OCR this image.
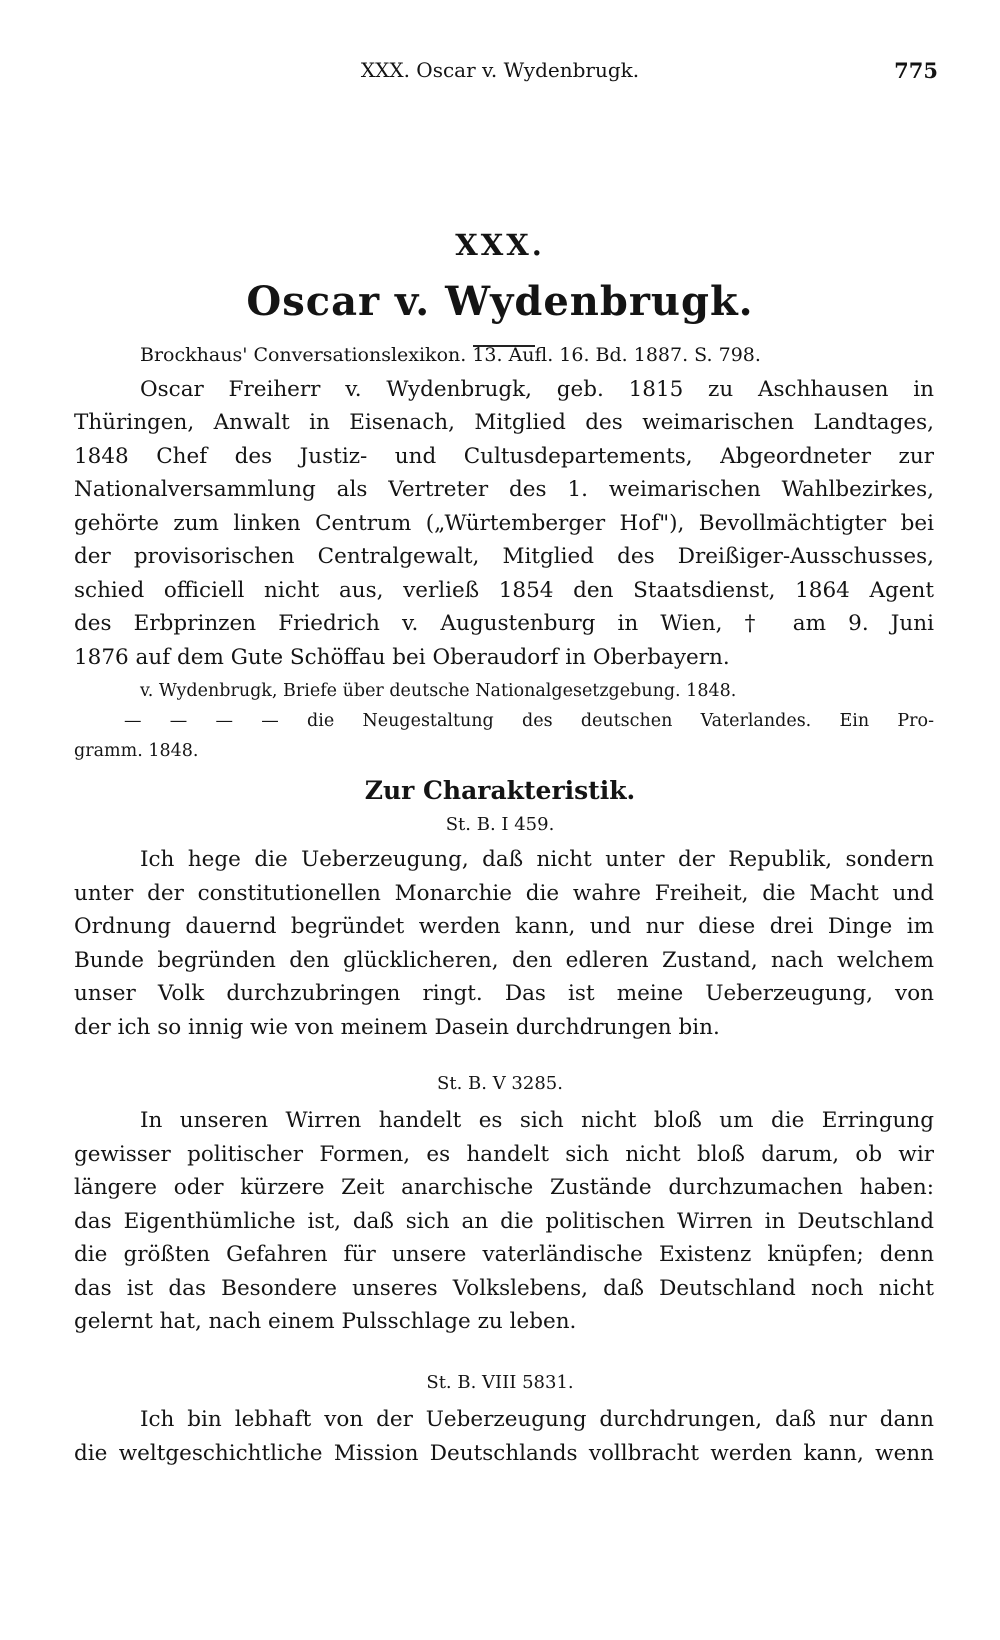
XXX. Oscar v. Wydenbrugk.	775
XXX.
Oscar v. Wydenbrugk.
Brockhaus' Conversationslexikon. 13. Aufl. 16. Bd. 1887. S. 798.
Oscar Freiherr v. Wydenbrugk, geb. 1815 zu Aschhausen in
Thüringen, Anwalt in Eisenach, Mitglied des weimarischen Landtages,
1848 Chef des Justiz- und Cultusdepartements, Abgeordneter zur
Nationalversammlung als Vertreter des 1. weimarischen Wahlbezirkes,
gehörte zum linken Centrum („Würtemberger Hof"), Bevollmächtigter bei
der provisorischen Centralgewalt, Mitglied des Dreißiger-Ausschusses,
schied officiell nicht aus, verließ 1854 den Staatsdienst, 1864 Agent
des Erbprinzen Friedrich v. Augustenburg in Wien, † am 9. Juni
1876 auf dem Gute Schöffau bei Oberaudorf in Oberbayern.
v. Wydenbrugk, Briefe über deutsche Nationalgesetzgebung. 1848.
— — — — die Neugestaltung des deutschen Vaterlandes. Ein Pro-
gramm. 1848.
Zur Charakteristik.
St. B. I 459.
Ich hege die Ueberzeugung, daß nicht unter der Republik, sondern
unter der constitutionellen Monarchie die wahre Freiheit, die Macht und
Ordnung dauernd begründet werden kann, und nur diese drei Dinge im
Bunde begründen den glücklicheren, den edleren Zustand, nach welchem
unser Volk durchzubringen ringt. Das ist meine Ueberzeugung, von
der ich so innig wie von meinem Dasein durchdrungen bin.
St. B. V 3285.
In unseren Wirren handelt es sich nicht bloß um die Erringung
gewisser politischer Formen, es handelt sich nicht bloß darum, ob wir
längere oder kürzere Zeit anarchische Zustände durchzumachen haben:
das Eigenthümliche ist, daß sich an die politischen Wirren in Deutschland
die größten Gefahren für unsere vaterländische Existenz knüpfen; denn
das ist das Besondere unseres Volkslebens, daß Deutschland noch nicht
gelernt hat, nach einem Pulsschlage zu leben.
St. B. VIII 5831.
Ich bin lebhaft von der Ueberzeugung durchdrungen, daß nur dann
die weltgeschichtliche Mission Deutschlands vollbracht werden kann, wenn
